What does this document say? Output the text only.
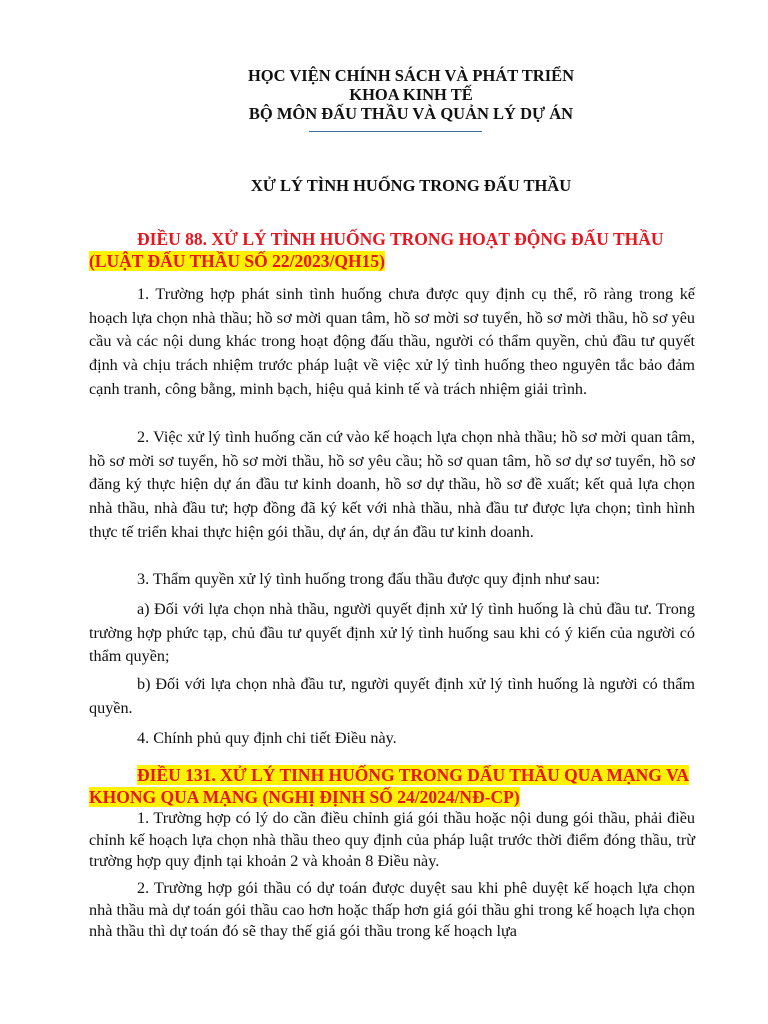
HỌC VIỆN CHÍNH SÁCH VÀ PHÁT TRIỂN
KHOA KINH TẾ
BỘ MÔN ĐẤU THẦU VÀ QUẢN LÝ DỰ ÁN
XỬ LÝ TÌNH HUỐNG TRONG ĐẤU THẦU
ĐIỀU 88. XỬ LÝ TÌNH HUỐNG TRONG HOẠT ĐỘNG ĐẤU THẦU
(LUẬT ĐẤU THẦU SỐ 22/2023/QH15)
1. Trường hợp phát sinh tình huống chưa được quy định cụ thể, rõ ràng trong kế hoạch lựa chọn nhà thầu; hồ sơ mời quan tâm, hồ sơ mời sơ tuyển, hồ sơ mời thầu, hồ sơ yêu cầu và các nội dung khác trong hoạt động đấu thầu, người có thẩm quyền, chủ đầu tư quyết định và chịu trách nhiệm trước pháp luật về việc xử lý tình huống theo nguyên tắc bảo đảm cạnh tranh, công bằng, minh bạch, hiệu quả kinh tế và trách nhiệm giải trình.
2. Việc xử lý tình huống căn cứ vào kế hoạch lựa chọn nhà thầu; hồ sơ mời quan tâm, hồ sơ mời sơ tuyển, hồ sơ mời thầu, hồ sơ yêu cầu; hồ sơ quan tâm, hồ sơ dự sơ tuyển, hồ sơ đăng ký thực hiện dự án đầu tư kinh doanh, hồ sơ dự thầu, hồ sơ đề xuất; kết quả lựa chọn nhà thầu, nhà đầu tư; hợp đồng đã ký kết với nhà thầu, nhà đầu tư được lựa chọn; tình hình thực tế triển khai thực hiện gói thầu, dự án, dự án đầu tư kinh doanh.
3. Thẩm quyền xử lý tình huống trong đấu thầu được quy định như sau:
a) Đối với lựa chọn nhà thầu, người quyết định xử lý tình huống là chủ đầu tư. Trong trường hợp phức tạp, chủ đầu tư quyết định xử lý tình huống sau khi có ý kiến của người có thẩm quyền;
b) Đối với lựa chọn nhà đầu tư, người quyết định xử lý tình huống là người có thẩm quyền.
4. Chính phủ quy định chi tiết Điều này.
ĐIỀU 131. XỬ LÝ TINH HUỐNG TRONG DẤU THẦU QUA MẠNG VA
KHONG QUA MẠNG (NGHỊ ĐỊNH SỐ 24/2024/NĐ-CP)
1. Trường hợp có lý do cần điều chỉnh giá gói thầu hoặc nội dung gói thầu, phải điều chỉnh kế hoạch lựa chọn nhà thầu theo quy định của pháp luật trước thời điểm đóng thầu, trừ trường hợp quy định tại khoản 2 và khoản 8 Điều này.
2. Trường hợp gói thầu có dự toán được duyệt sau khi phê duyệt kế hoạch lựa chọn nhà thầu mà dự toán gói thầu cao hơn hoặc thấp hơn giá gói thầu ghi trong kế hoạch lựa chọn nhà thầu thì dự toán đó sẽ thay thế giá gói thầu trong kế hoạch lựa
